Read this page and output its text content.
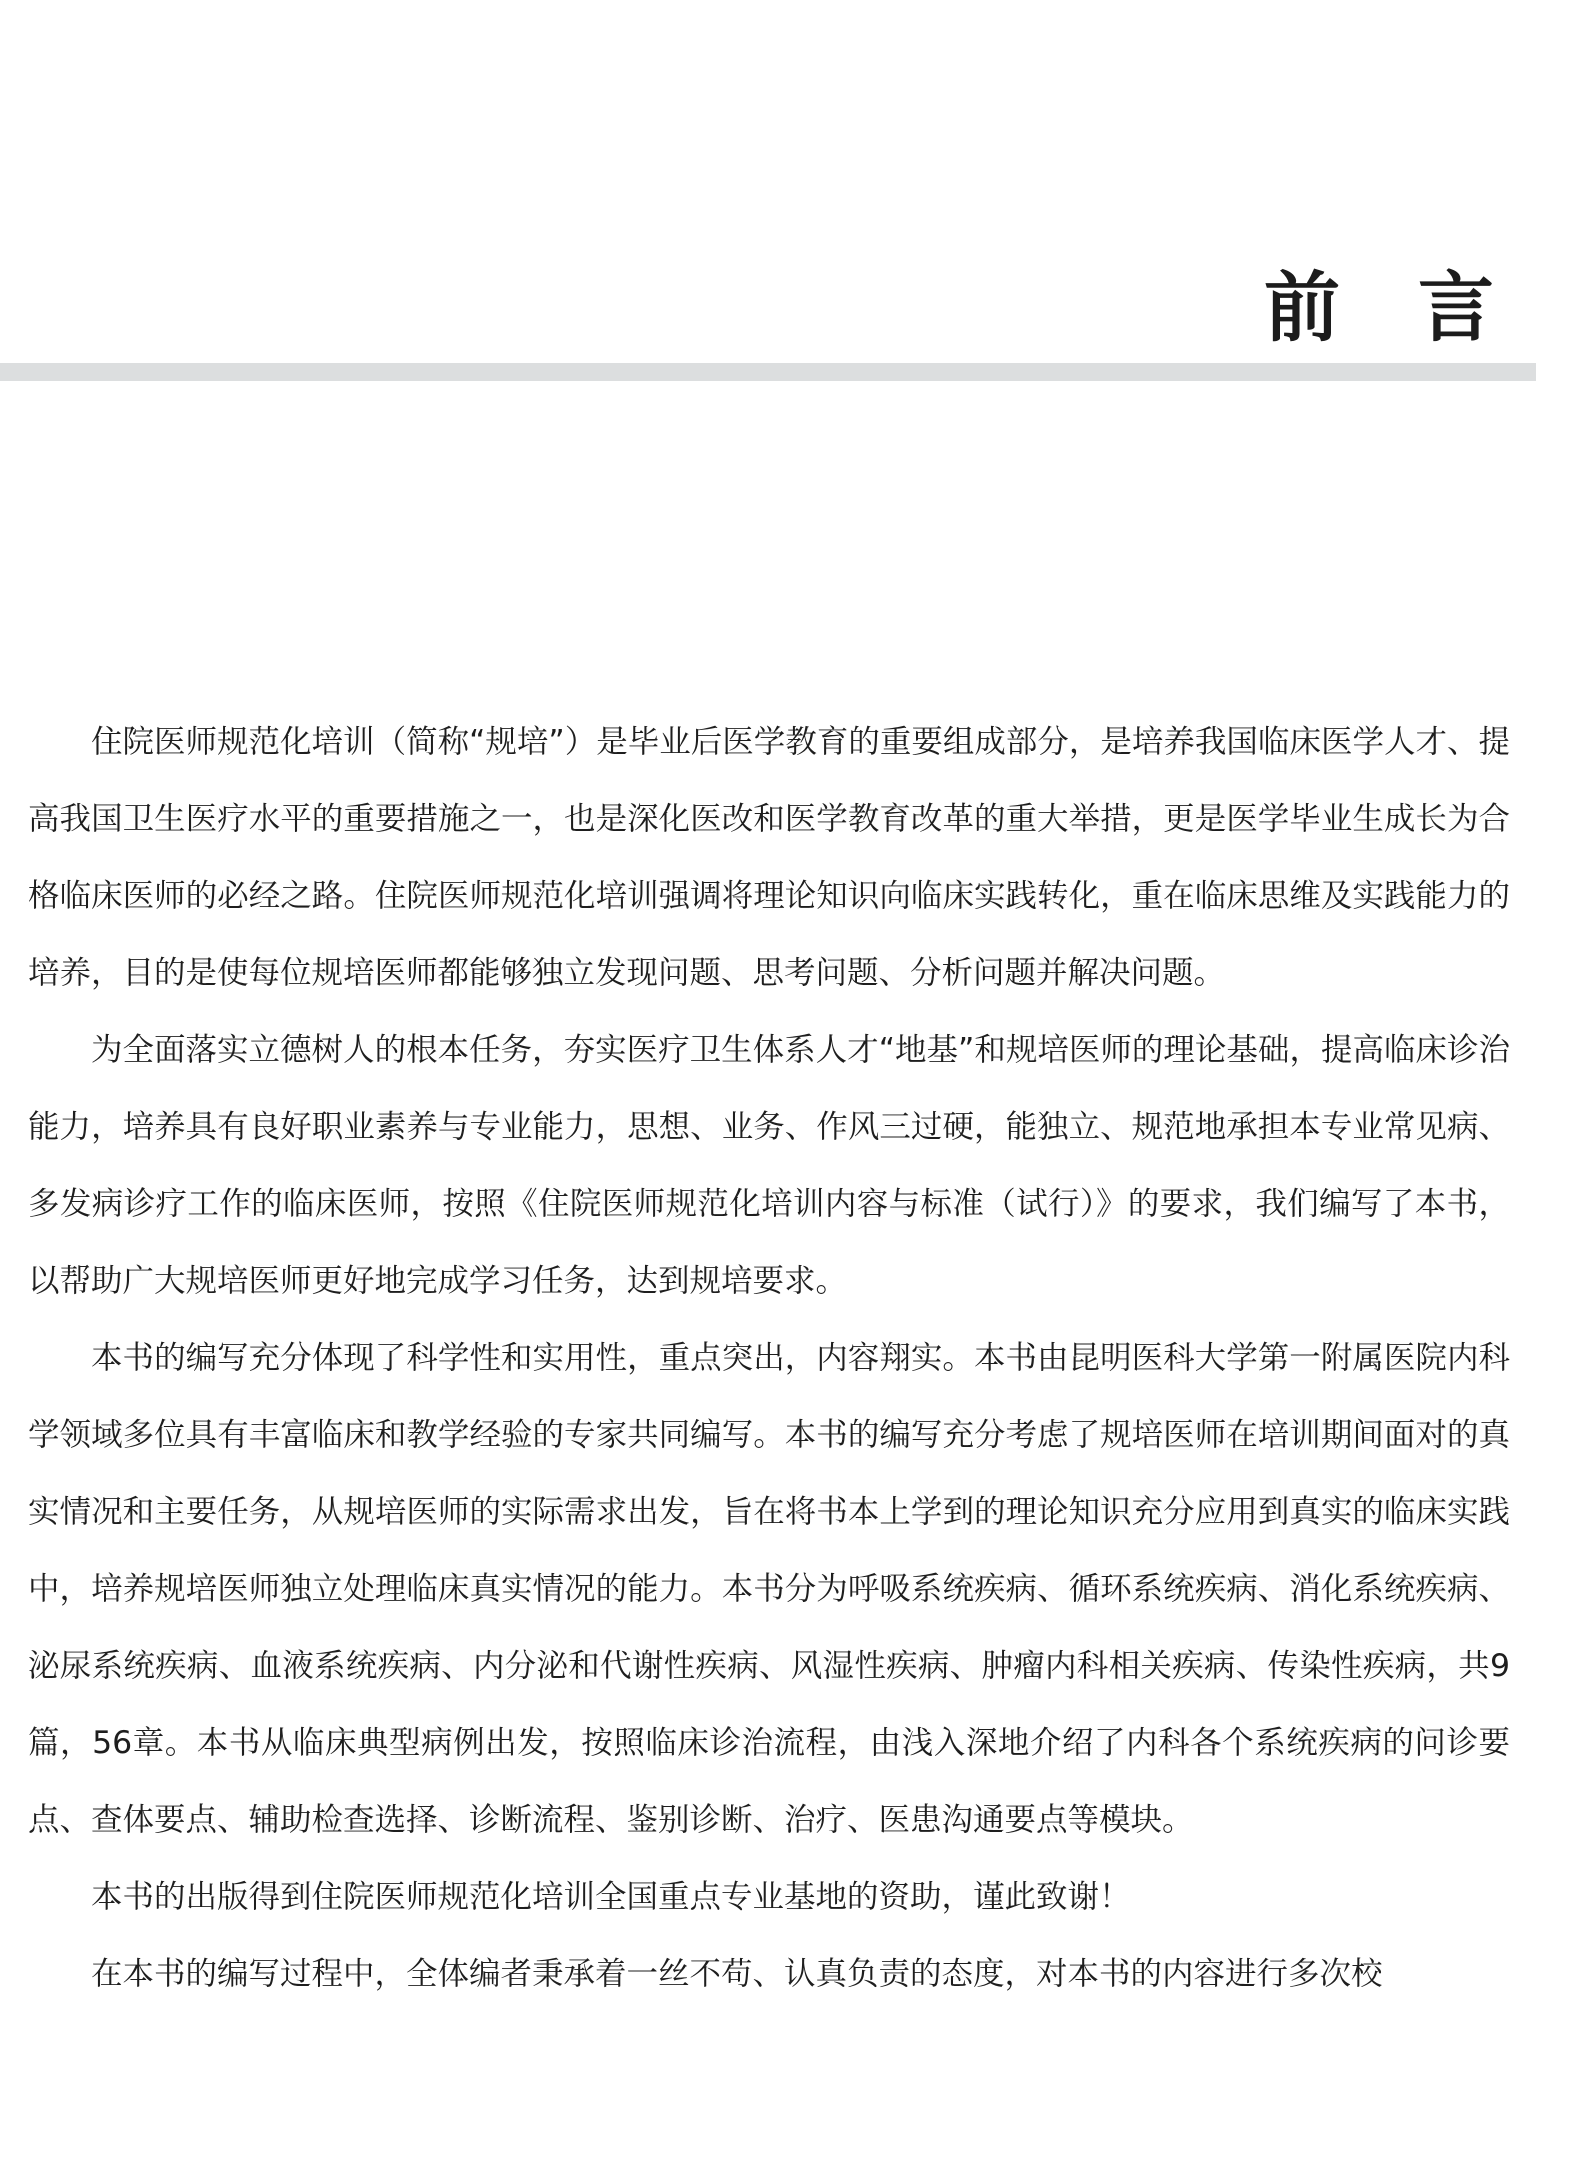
前言

住院医师规范化培训（简称“规培”）是毕业后医学教育的重要组成部分，是培养我国临床医学人才、提高我国卫生医疗水平的重要措施之一，也是深化医改和医学教育改革的重大举措，更是医学毕业生成长为合格临床医师的必经之路。住院医师规范化培训强调将理论知识向临床实践转化，重在临床思维及实践能力的培养，目的是使每位规培医师都能够独立发现问题、思考问题、分析问题并解决问题。

为全面落实立德树人的根本任务，夯实医疗卫生体系人才“地基”和规培医师的理论基础，提高临床诊治能力，培养具有良好职业素养与专业能力，思想、业务、作风三过硬，能独立、规范地承担本专业常见病、多发病诊疗工作的临床医师，按照《住院医师规范化培训内容与标准（试行）》的要求，我们编写了本书，以帮助广大规培医师更好地完成学习任务，达到规培要求。

本书的编写充分体现了科学性和实用性，重点突出，内容翔实。本书由昆明医科大学第一附属医院内科学领域多位具有丰富临床和教学经验的专家共同编写。本书的编写充分考虑了规培医师在培训期间面对的真实情况和主要任务，从规培医师的实际需求出发，旨在将书本上学到的理论知识充分应用到真实的临床实践中，培养规培医师独立处理临床真实情况的能力。本书分为呼吸系统疾病、循环系统疾病、消化系统疾病、泌尿系统疾病、血液系统疾病、内分泌和代谢性疾病、风湿性疾病、肿瘤内科相关疾病、传染性疾病，共9篇，56章。本书从临床典型病例出发，按照临床诊治流程，由浅入深地介绍了内科各个系统疾病的问诊要点、查体要点、辅助检查选择、诊断流程、鉴别诊断、治疗、医患沟通要点等模块。

本书的出版得到住院医师规范化培训全国重点专业基地的资助，谨此致谢！

在本书的编写过程中，全体编者秉承着一丝不苟、认真负责的态度，对本书的内容进行多次校
